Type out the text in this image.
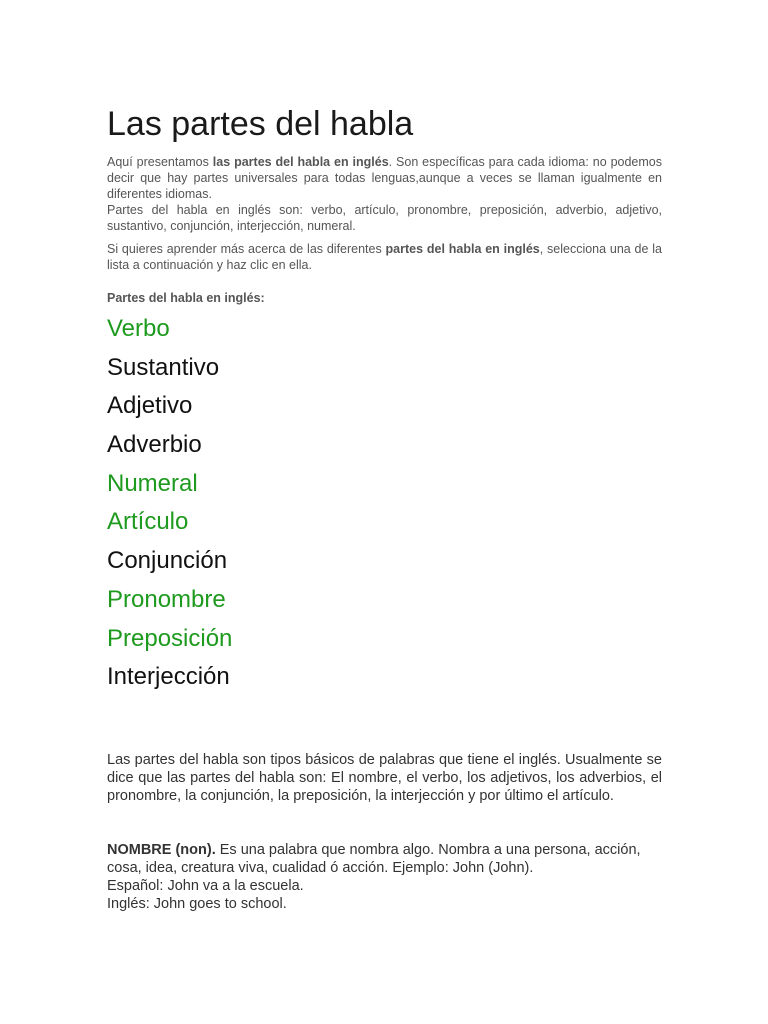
Las partes del habla
Aquí presentamos las partes del habla en inglés. Son específicas para cada idioma: no podemos decir que hay partes universales para todas lenguas,aunque a veces se llaman igualmente en diferentes idiomas.
Partes del habla en inglés son: verbo, artículo, pronombre, preposición, adverbio, adjetivo, sustantivo, conjunción, interjección, numeral.

Si quieres aprender más acerca de las diferentes partes del habla en inglés, selecciona una de la lista a continuación y haz clic en ella.

Partes del habla en inglés:

Verbo
Sustantivo
Adjetivo
Adverbio
Numeral
Artículo
Conjunción
Pronombre
Preposición
Interjección

Las partes del habla son tipos básicos de palabras que tiene el inglés. Usualmente se dice que las partes del habla son: El nombre, el verbo, los adjetivos, los adverbios, el pronombre, la conjunción, la preposición, la interjección y por último el artículo.

NOMBRE (non). Es una palabra que nombra algo. Nombra a una persona, acción, cosa, idea, creatura viva, cualidad ó acción. Ejemplo: John (John).
Español: John va a la escuela.
Inglés: John goes to school.
